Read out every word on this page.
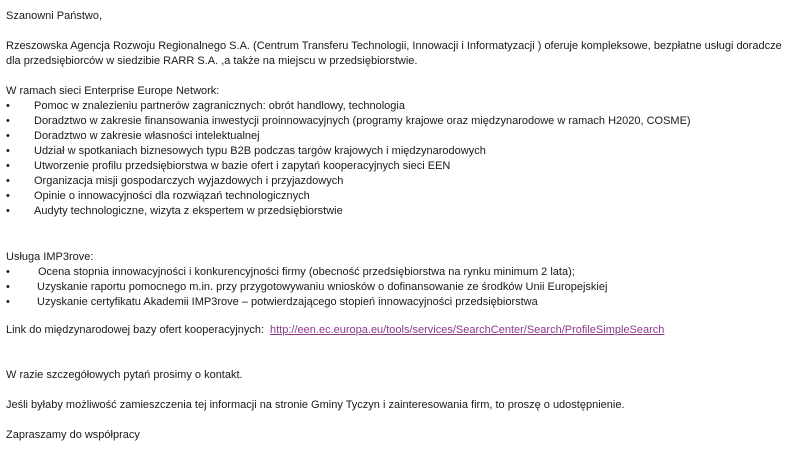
Szanowni Państwo,

Rzeszowska Agencja Rozwoju Regionalnego S.A. (Centrum Transferu Technologii, Innowacji i Informatyzacji ) oferuje kompleksowe, bezpłatne usługi doradcze dla przedsiębiorców w siedzibie RARR S.A. ,a także na miejscu w przedsiębiorstwie.

W ramach sieci Enterprise Europe Network:

• Pomoc w znalezieniu partnerów zagranicznych: obrót handlowy, technologia
• Doradztwo w zakresie finansowania inwestycji proinnowacyjnych (programy krajowe oraz międzynarodowe w ramach H2020, COSME)
• Doradztwo w zakresie własności intelektualnej
• Udział w spotkaniach biznesowych typu B2B podczas targów krajowych i międzynarodowych
• Utworzenie profilu przedsiębiorstwa w bazie ofert i zapytań kooperacyjnych sieci EEN
• Organizacja misji gospodarczych wyjazdowych i przyjazdowych
• Opinie o innowacyjności dla rozwiązań technologicznych
• Audyty technologiczne, wizyta z ekspertem w przedsiębiorstwie

Usługa IMP3rove:

•	Ocena stopnia innowacyjności i konkurencyjności firmy (obecność przedsiębiorstwa na rynku minimum 2 lata);
• Uzyskanie raportu pomocnego m.in. przy przygotowywaniu wniosków o dofinansowanie ze środków Unii Europejskiej
• Uzyskanie certyfikatu Akademii IMP3rove – potwierdzającego stopień innowacyjności przedsiębiorstwa

Link do międzynarodowej bazy ofert kooperacyjnych: http://een.ec.europa.eu/tools/services/SearchCenter/Search/ProfileSimpleSearch

W razie szczegółowych pytań prosimy o kontakt.

Jeśli byłaby możliwość zamieszczenia tej informacji na stronie Gminy Tyczyn i zainteresowania firm, to proszę o udostępnienie.

Zapraszamy do współpracy
